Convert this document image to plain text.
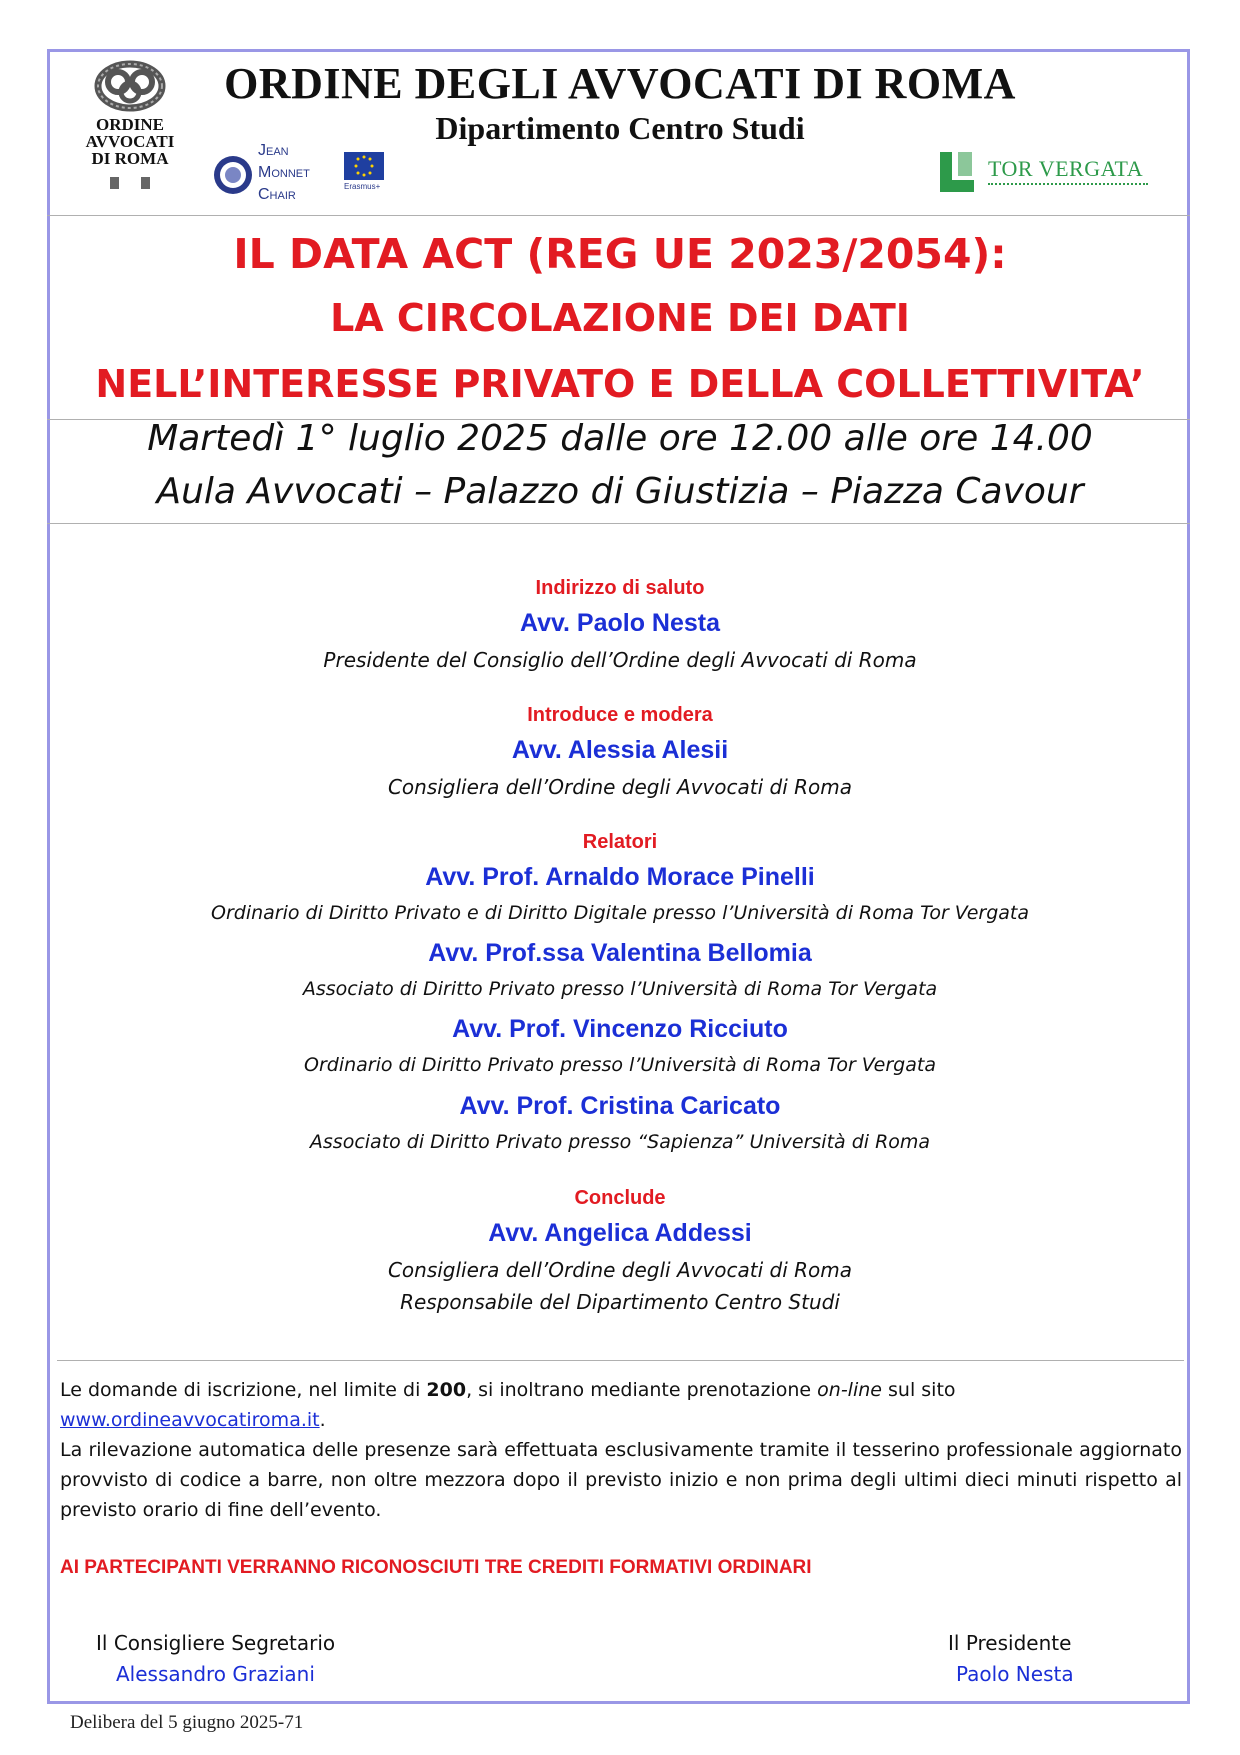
ORDINE
AVVOCATI
DI ROMA	Jean
Monnet
Chair	Erasmus+
TOR VERGATA
ORDINE DEGLI AVVOCATI DI ROMA
Dipartimento Centro Studi
IL DATA ACT (REG UE 2023/2054):
LA CIRCOLAZIONE DEI DATI
NELL’INTERESSE PRIVATO E DELLA COLLETTIVITA’
Martedì 1° luglio 2025 dalle ore 12.00 alle ore 14.00
Aula Avvocati – Palazzo di Giustizia – Piazza Cavour
Indirizzo di saluto
Avv. Paolo Nesta
Presidente del Consiglio dell’Ordine degli Avvocati di Roma
Introduce e modera
Avv. Alessia Alesii
Consigliera dell’Ordine degli Avvocati di Roma
Relatori
Avv. Prof. Arnaldo Morace Pinelli
Ordinario di Diritto Privato e di Diritto Digitale presso l’Università di Roma Tor Vergata
Avv. Prof.ssa Valentina Bellomia
Associato di Diritto Privato presso l’Università di Roma Tor Vergata
Avv. Prof. Vincenzo Ricciuto
Ordinario di Diritto Privato presso l’Università di Roma Tor Vergata
Avv. Prof. Cristina Caricato
Associato di Diritto Privato presso “Sapienza” Università di Roma
Conclude
Avv. Angelica Addessi
Consigliera dell’Ordine degli Avvocati di Roma
Responsabile del Dipartimento Centro Studi
Le domande di iscrizione, nel limite di 200, si inoltrano mediante prenotazione on-line sul sito
www.ordineavvocatiroma.it.
La rilevazione automatica delle presenze sarà effettuata esclusivamente tramite il tesserino professionale aggiornato provvisto di codice a barre, non oltre mezzora dopo il previsto inizio e non prima degli ultimi dieci minuti rispetto al previsto orario di fine dell’evento.
AI PARTECIPANTI VERRANNO RICONOSCIUTI TRE CREDITI FORMATIVI ORDINARI
Il Consigliere Segretario
Alessandro Graziani
Il Presidente
Paolo Nesta
Delibera del 5 giugno 2025-71
